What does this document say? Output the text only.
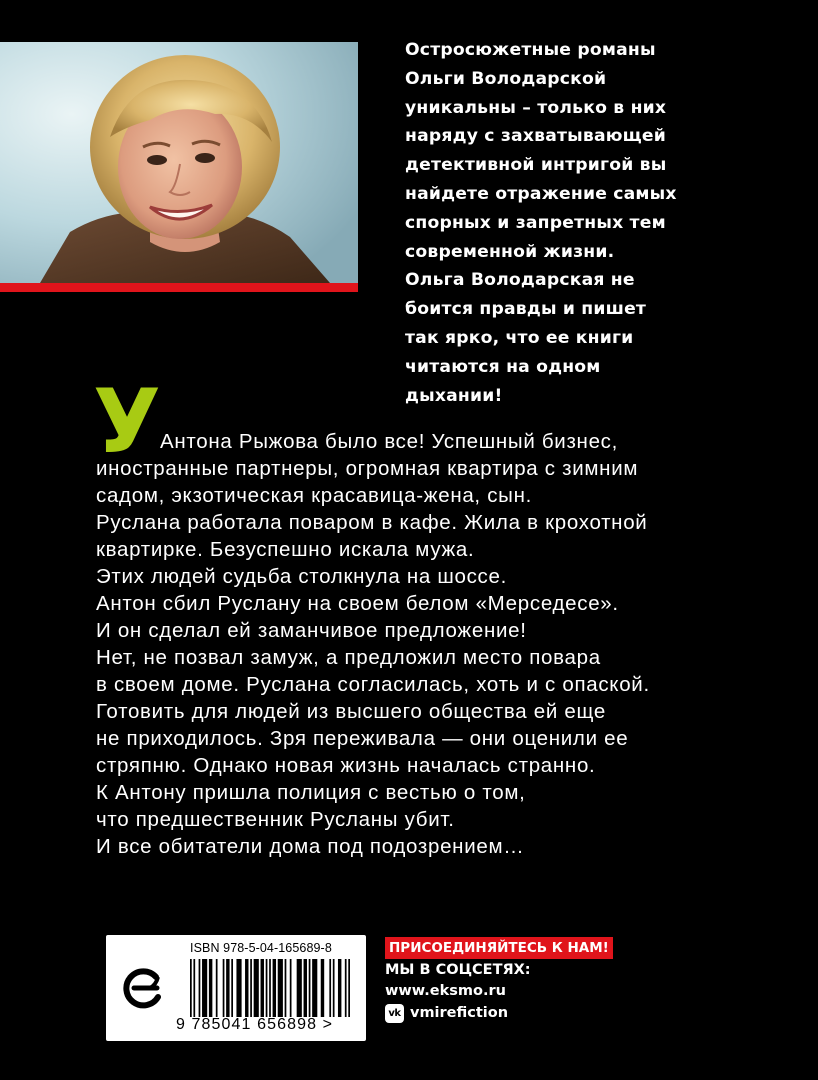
Остросюжетные романы
Ольги Володарской
уникальны – только в них
наряду с захватывающей
детективной интригой вы
найдете отражение самых
спорных и запретных тем
современной жизни.
Ольга Володарская не
боится правды и пишет
так ярко, что ее книги
читаются на одном
дыхании!
У Антона Рыжова было все! Успешный бизнес,
иностранные партнеры, огромная квартира с зимним
садом, экзотическая красавица-жена, сын.
Руслана работала поваром в кафе. Жила в крохотной
квартирке. Безуспешно искала мужа.
Этих людей судьба столкнула на шоссе.
Антон сбил Руслану на своем белом «Мерседесе».
И он сделал ей заманчивое предложение!
Нет, не позвал замуж, а предложил место повара
в своем доме. Руслана согласилась, хоть и с опаской.
Готовить для людей из высшего общества ей еще
не приходилось. Зря переживала — они оценили ее
стряпню. Однако новая жизнь началась странно.
К Антону пришла полиция с вестью о том,
что предшественник Русланы убит.
И все обитатели дома под подозрением…
ISBN 978-5-04-165689-8
9 785041 656898 >
ПРИСОЕДИНЯЙТЕСЬ К НАМ!
МЫ В СОЦСЕТЯХ:
www.eksmo.ru
vk vmirefiction
